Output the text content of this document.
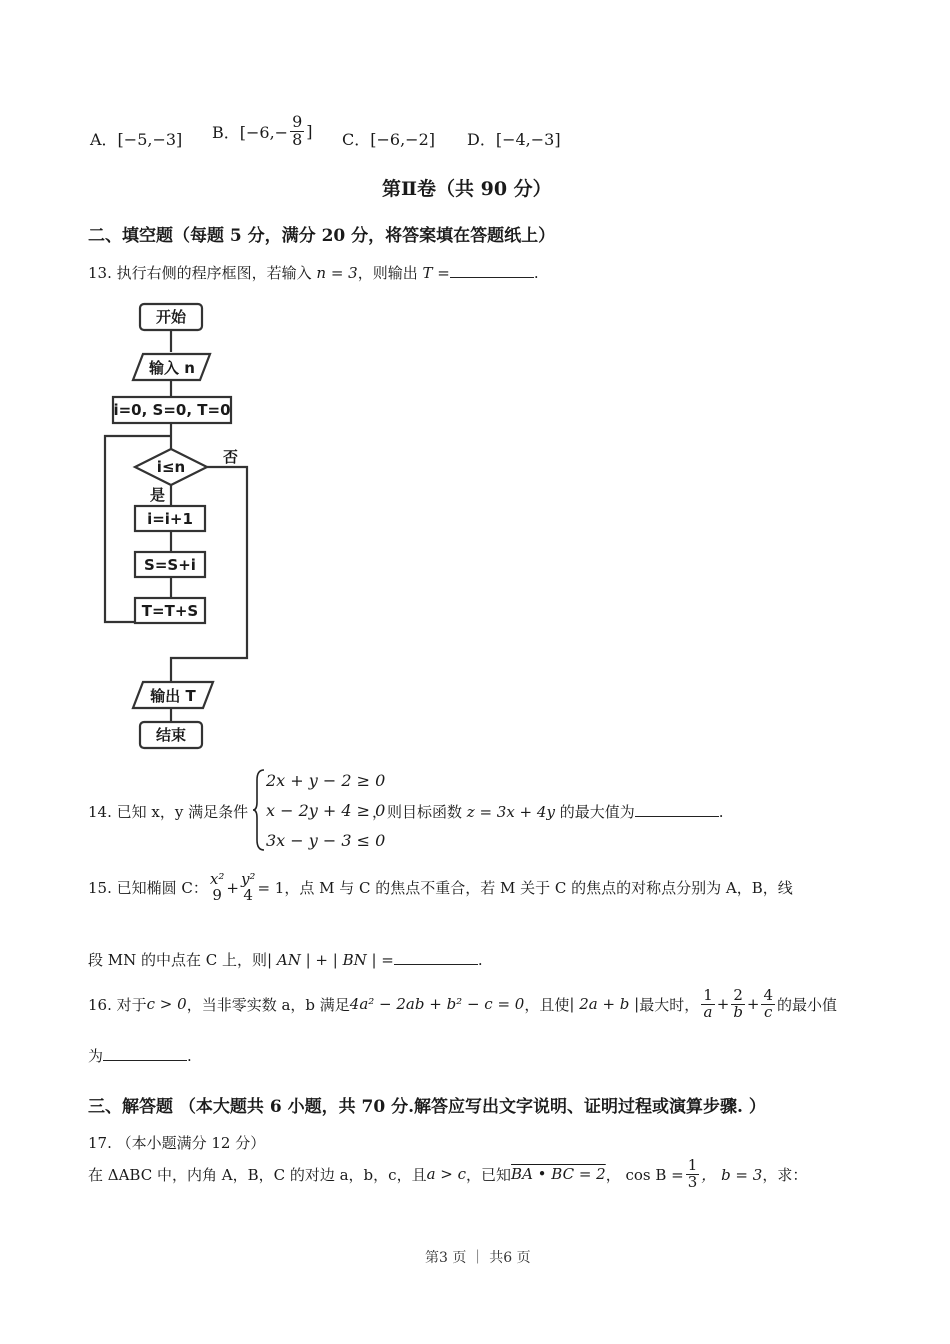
A．[−5,−3] B．[$-6,- \frac{9}{8}$ ] C．[−6,−2] D．[−4,−3]
第Ⅱ卷（共 90 分）
二、填空题（每题 5 分，满分 20 分，将答案填在答题纸上）
13. 执行右侧的程序框图，若输入 n = 3，则输出 T =	.
开始
输入 n
i=0, S=0, T=0
i≤n
否
是
i=i+1
S=S+i
T=T+S
输出 T
结束
14. 已知 x，y 满足条件
2x + y − 2 ≥ 0
x − 2y + 4 ≥ 0
3x − y − 3 ≤ 0
，则目标函数 z = 3x + 4y 的最大值为	.
15. 已知椭圆 C：
x²
9 + y²
4 = 1 ，点 M 与 C 的焦点不重合，若 M 关于 C 的焦点的对称点分别为 A，B，线
段 MN 的中点在 C 上，则| AN | + | BN | =	.
16. 对于 c > 0 ，当非零实数 a，b 满足 4a² − 2ab + b² − c = 0 ，且使 | 2a + b | 最大时， $\frac{1}{a} + \frac{2}{b} + \frac{4}{c}$ 的最小值
为	.
三、解答题 （本大题共 6 小题，共 70 分.解答应写出文字说明、证明过程或演算步骤. ）
17. （本小题满分 12 分）
在 ΔABC 中，内角 A，B，C 的对边 a，b，c，且 a > c ，已知 BA • BC = 2 ， $\cos B = \frac{1}{3}$ ， b = 3 ，求：
第3 页 ｜ 共6 页
